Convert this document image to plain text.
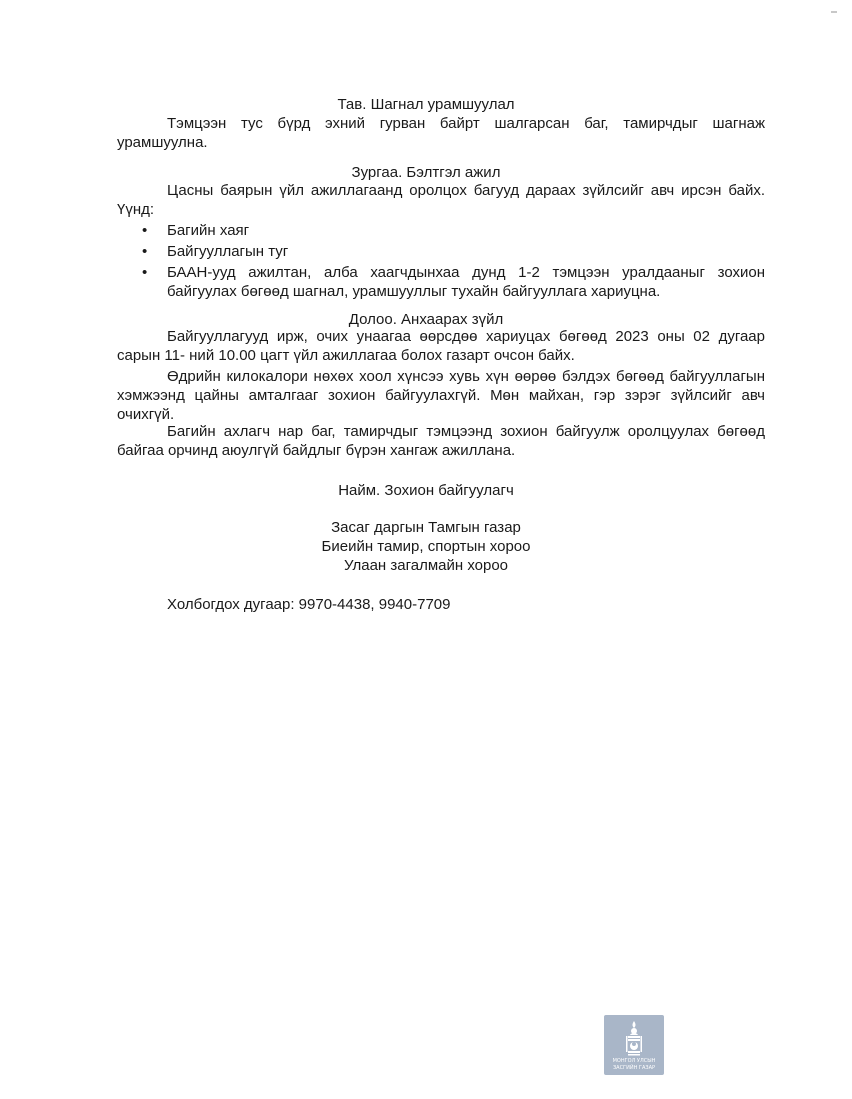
Тав. Шагнал урамшуулал
Тэмцээн тус бүрд эхний гурван байрт шалгарсан баг, тамирчдыг шагнаж
урамшуулна.
Зургаа. Бэлтгэл ажил
Цасны баярын үйл ажиллагаанд оролцох багууд дараах зүйлсийг авч ирсэн байх.
Үүнд:
• Багийн хаяг
• Байгууллагын туг
• БААН-ууд ажилтан, алба хаагчдынхаа дунд 1-2 тэмцээн уралдааныг зохион
байгуулах бөгөөд шагнал, урамшууллыг тухайн байгууллага хариуцна.
Долоо. Анхаарах зүйл
Байгууллагууд ирж, очих унаагаа өөрсдөө хариуцах бөгөөд 2023 оны 02 дугаар
сарын 11- ний 10.00 цагт үйл ажиллагаа болох газарт очсон байх.
Өдрийн килокалори нөхөх хоол хүнсээ хувь хүн өөрөө бэлдэх бөгөөд байгууллагын
хэмжээнд цайны амталгааг зохион байгуулахгүй. Мөн майхан, гэр зэрэг зүйлсийг авч
очихгүй.
Багийн ахлагч нар баг, тамирчдыг тэмцээнд зохион байгуулж оролцуулах бөгөөд
байгаа орчинд аюулгүй байдлыг бүрэн хангаж ажиллана.
Найм. Зохион байгуулагч
Засаг даргын Тамгын газар
Биеийн тамир, спортын хороо
Улаан загалмайн хороо
Холбогдох дугаар: 9970-4438, 9940-7709
МОНГОЛ УЛСЫН
ЗАСГИЙН ГАЗАР
